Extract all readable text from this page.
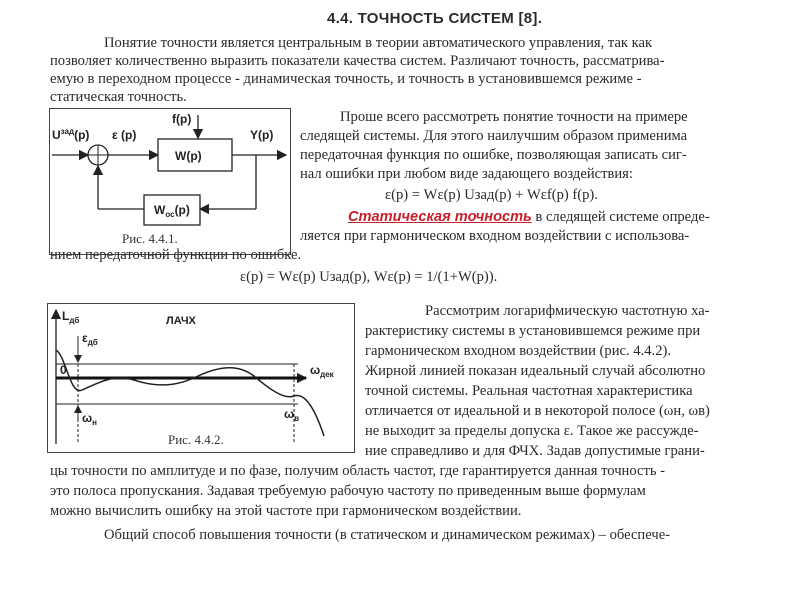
4.4. ТОЧНОСТЬ СИСТЕМ [8].
Понятие точности является центральным в теории автоматического управления, так как
позволяет количественно выразить показатели качества систем. Различают точность, рассматрива-
емую в переходном процессе - динамическая точность, и точность в установившемся режиме -
статическая точность.
$U^{зад}(p)$ ε (p)
f(p)
Y(p)
W(p)
$W_{ос}(p)$
Рис. 4.4.1.
Проше всего рассмотреть понятие точности на примере
следящей системы. Для этого наилучшим образом применима
передаточная функция по ошибке, позволяющая записать сиг-
нал ошибки при любом виде задающего воздействия:
ε(p) = Wε(p) Uзад(p) + Wεf(p) f(p).
Статическая точность в следящей системе опреде-
ляется при гармоническом входном воздействии с использова-
нием передаточной функции по ошибке.
ε(p) = Wε(p) Uзад(p), Wε(p) = 1/(1+W(p)).
$L_{дб}$	ЛАЧХ
$\varepsilon_{дб}$
0	$\omega_{дек}$
$\omega_н$
$\omega_в$
Рис. 4.4.2.
Рассмотрим логарифмическую частотную ха-
рактеристику системы в установившемся режиме при
гармоническом входном воздействии (рис. 4.4.2).
Жирной линией показан идеальный случай абсолютно
точной системы. Реальная частотная характеристика
отличается от идеальной и в некоторой полосе (ωн, ωв)
не выходит за пределы допуска ε. Такое же рассужде-
ние справедливо и для ФЧХ. Задав допустимые грани-
цы точности по амплитуде и по фазе, получим область частот, где гарантируется данная точность -
это полоса пропускания. Задавая требуемую рабочую частоту по приведенным выше формулам
можно вычислить ошибку на этой частоте при гармоническом воздействии.
Общий способ повышения точности (в статическом и динамическом режимах) – обеспече-
